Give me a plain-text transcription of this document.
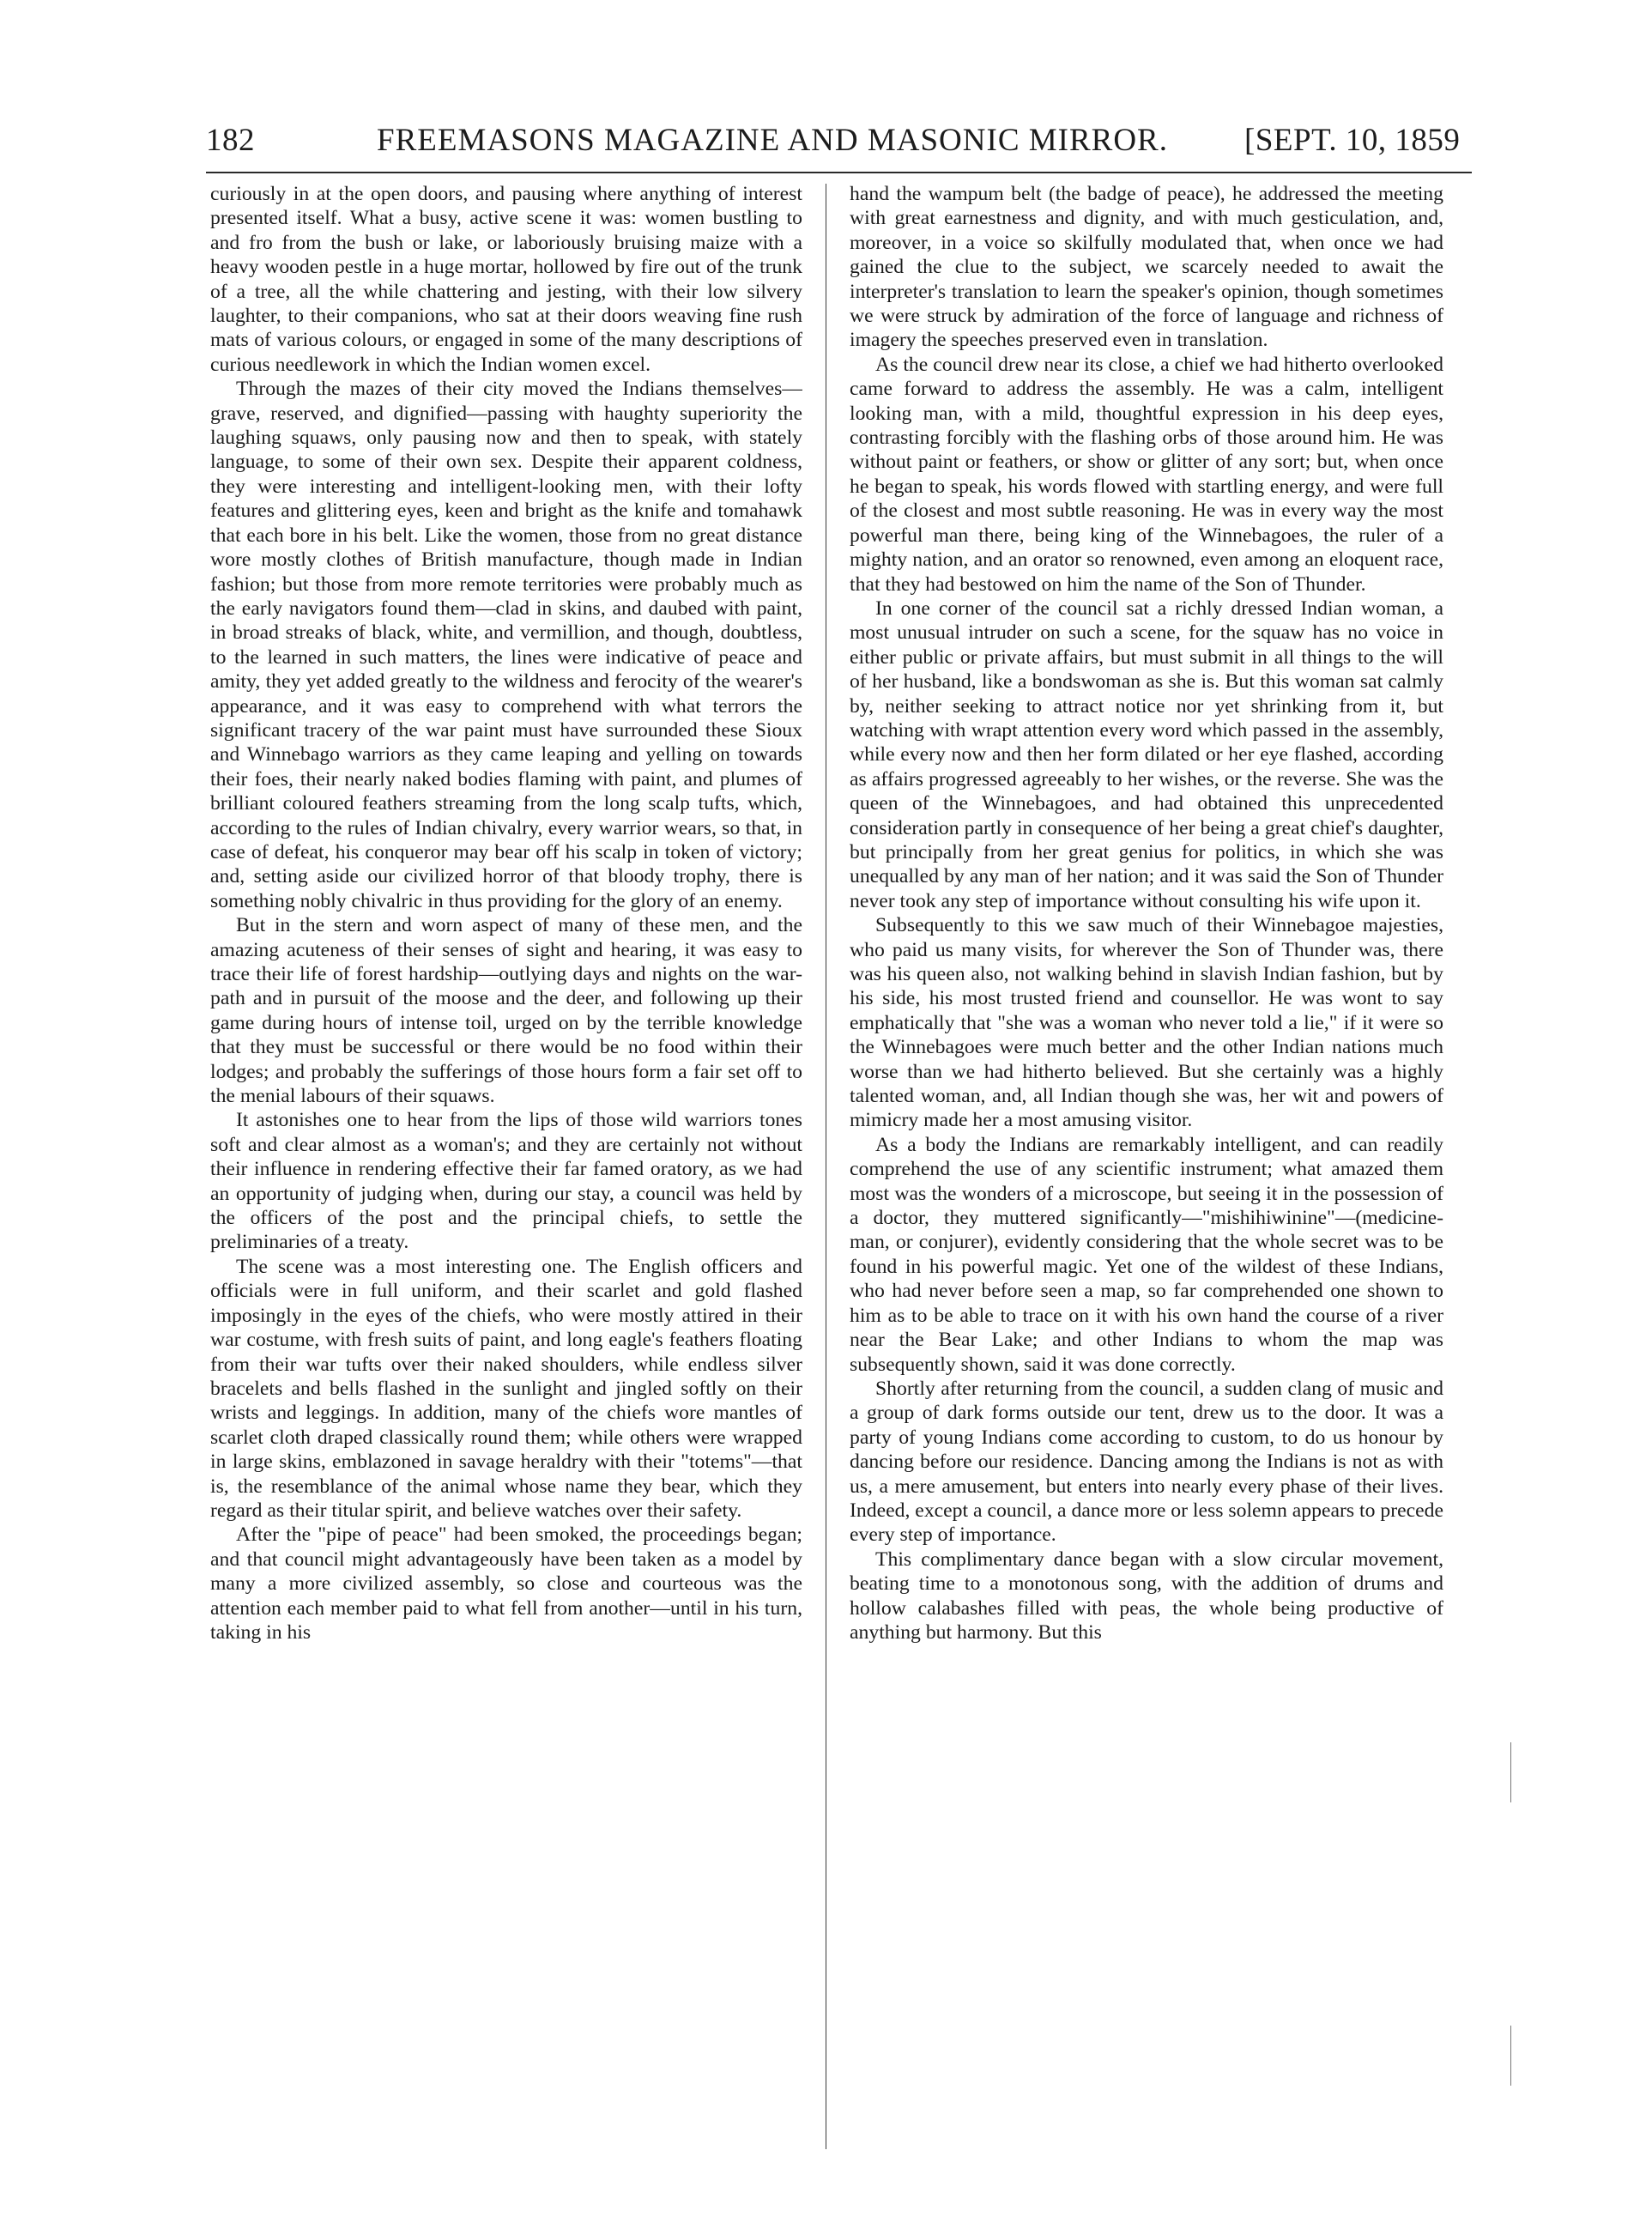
182	FREEMASONS MAGAZINE AND MASONIC MIRROR.	[SEPT. 10, 1859

curiously in at the open doors, and pausing where anything of interest presented itself. What a busy, active scene it was: women bustling to and fro from the bush or lake, or laboriously bruising maize with a heavy wooden pestle in a huge mortar, hollowed by fire out of the trunk of a tree, all the while chattering and jesting, with their low silvery laughter, to their companions, who sat at their doors weaving fine rush mats of various colours, or engaged in some of the many descriptions of curious needlework in which the Indian women excel.

Through the mazes of their city moved the Indians themselves—grave, reserved, and dignified—passing with haughty superiority the laughing squaws, only pausing now and then to speak, with stately language, to some of their own sex. Despite their apparent coldness, they were interesting and intelligent-looking men, with their lofty features and glittering eyes, keen and bright as the knife and tomahawk that each bore in his belt. Like the women, those from no great distance wore mostly clothes of British manufacture, though made in Indian fashion; but those from more remote territories were probably much as the early navigators found them—clad in skins, and daubed with paint, in broad streaks of black, white, and vermillion, and though, doubtless, to the learned in such matters, the lines were indicative of peace and amity, they yet added greatly to the wildness and ferocity of the wearer's appearance, and it was easy to comprehend with what terrors the significant tracery of the war paint must have surrounded these Sioux and Winnebago warriors as they came leaping and yelling on towards their foes, their nearly naked bodies flaming with paint, and plumes of brilliant coloured feathers streaming from the long scalp tufts, which, according to the rules of Indian chivalry, every warrior wears, so that, in case of defeat, his conqueror may bear off his scalp in token of victory; and, setting aside our civilized horror of that bloody trophy, there is something nobly chivalric in thus providing for the glory of an enemy.

But in the stern and worn aspect of many of these men, and the amazing acuteness of their senses of sight and hearing, it was easy to trace their life of forest hardship—outlying days and nights on the war-path and in pursuit of the moose and the deer, and following up their game during hours of intense toil, urged on by the terrible knowledge that they must be successful or there would be no food within their lodges; and probably the sufferings of those hours form a fair set off to the menial labours of their squaws.

It astonishes one to hear from the lips of those wild warriors tones soft and clear almost as a woman's; and they are certainly not without their influence in rendering effective their far famed oratory, as we had an opportunity of judging when, during our stay, a council was held by the officers of the post and the principal chiefs, to settle the preliminaries of a treaty.

The scene was a most interesting one. The English officers and officials were in full uniform, and their scarlet and gold flashed imposingly in the eyes of the chiefs, who were mostly attired in their war costume, with fresh suits of paint, and long eagle's feathers floating from their war tufts over their naked shoulders, while endless silver bracelets and bells flashed in the sunlight and jingled softly on their wrists and leggings. In addition, many of the chiefs wore mantles of scarlet cloth draped classically round them; while others were wrapped in large skins, emblazoned in savage heraldry with their "totems"—that is, the resemblance of the animal whose name they bear, which they regard as their titular spirit, and believe watches over their safety.

After the "pipe of peace" had been smoked, the proceedings began; and that council might advantageously have been taken as a model by many a more civilized assembly, so close and courteous was the attention each member paid to what fell from another—until in his turn, taking in his

hand the wampum belt (the badge of peace), he addressed the meeting with great earnestness and dignity, and with much gesticulation, and, moreover, in a voice so skilfully modulated that, when once we had gained the clue to the subject, we scarcely needed to await the interpreter's translation to learn the speaker's opinion, though sometimes we were struck by admiration of the force of language and richness of imagery the speeches preserved even in translation.

As the council drew near its close, a chief we had hitherto overlooked came forward to address the assembly. He was a calm, intelligent looking man, with a mild, thoughtful expression in his deep eyes, contrasting forcibly with the flashing orbs of those around him. He was without paint or feathers, or show or glitter of any sort; but, when once he began to speak, his words flowed with startling energy, and were full of the closest and most subtle reasoning. He was in every way the most powerful man there, being king of the Winnebagoes, the ruler of a mighty nation, and an orator so renowned, even among an eloquent race, that they had bestowed on him the name of the Son of Thunder.

In one corner of the council sat a richly dressed Indian woman, a most unusual intruder on such a scene, for the squaw has no voice in either public or private affairs, but must submit in all things to the will of her husband, like a bondswoman as she is. But this woman sat calmly by, neither seeking to attract notice nor yet shrinking from it, but watching with wrapt attention every word which passed in the assembly, while every now and then her form dilated or her eye flashed, according as affairs progressed agreeably to her wishes, or the reverse. She was the queen of the Winnebagoes, and had obtained this unprecedented consideration partly in consequence of her being a great chief's daughter, but principally from her great genius for politics, in which she was unequalled by any man of her nation; and it was said the Son of Thunder never took any step of importance without consulting his wife upon it.

Subsequently to this we saw much of their Winnebagoe majesties, who paid us many visits, for wherever the Son of Thunder was, there was his queen also, not walking behind in slavish Indian fashion, but by his side, his most trusted friend and counsellor. He was wont to say emphatically that "she was a woman who never told a lie," if it were so the Winnebagoes were much better and the other Indian nations much worse than we had hitherto believed. But she certainly was a highly talented woman, and, all Indian though she was, her wit and powers of mimicry made her a most amusing visitor.

As a body the Indians are remarkably intelligent, and can readily comprehend the use of any scientific instrument; what amazed them most was the wonders of a microscope, but seeing it in the possession of a doctor, they muttered significantly—"mishihiwinine"—(medicine-man, or conjurer), evidently considering that the whole secret was to be found in his powerful magic. Yet one of the wildest of these Indians, who had never before seen a map, so far comprehended one shown to him as to be able to trace on it with his own hand the course of a river near the Bear Lake; and other Indians to whom the map was subsequently shown, said it was done correctly.

Shortly after returning from the council, a sudden clang of music and a group of dark forms outside our tent, drew us to the door. It was a party of young Indians come according to custom, to do us honour by dancing before our residence. Dancing among the Indians is not as with us, a mere amusement, but enters into nearly every phase of their lives. Indeed, except a council, a dance more or less solemn appears to precede every step of importance.

This complimentary dance began with a slow circular movement, beating time to a monotonous song, with the addition of drums and hollow calabashes filled with peas, the whole being productive of anything but harmony. But this
